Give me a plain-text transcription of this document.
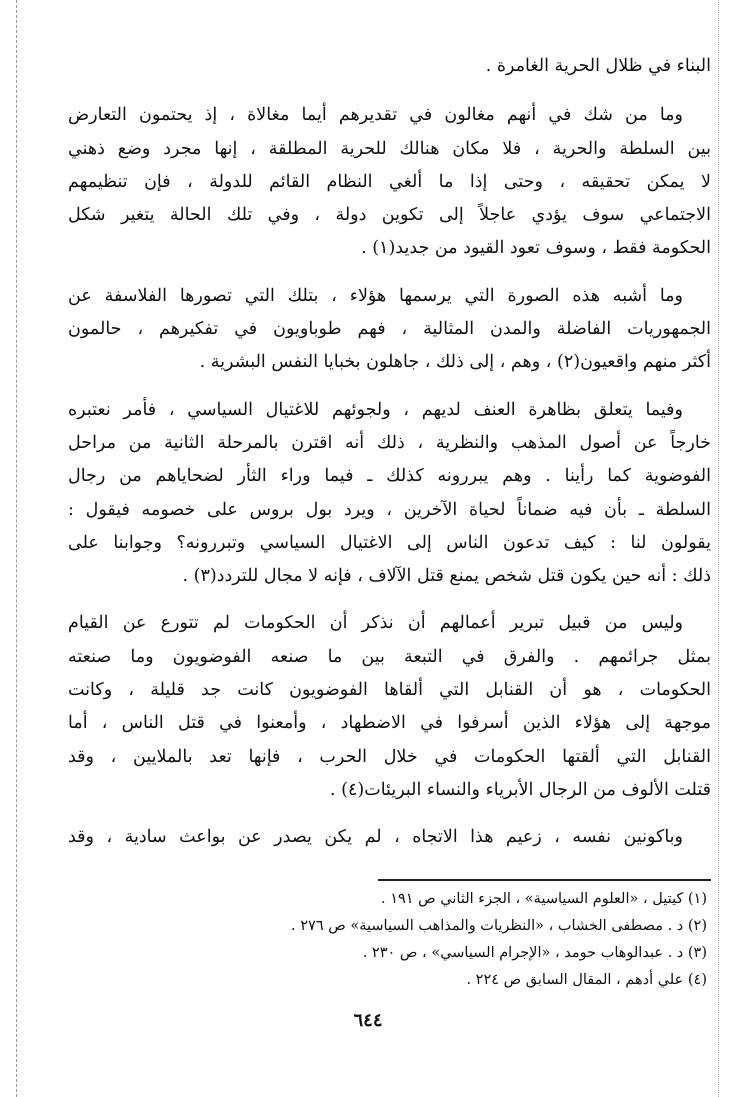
البناء في ظلال الحرية الغامرة .

وما من شك في أنهم مغالون في تقديرهم أيما مغالاة ، إذ يحتمون التعارض

بين السلطة والحرية ، فلا مكان هنالك للحرية المطلقة ، إنها مجرد وضع ذهني

لا يمكن تحقيقه ، وحتى إذا ما ألغي النظام القائم للدولة ، فإن تنظيمهم

الاجتماعي سوف يؤدي عاجلاً إلى تكوين دولة ، وفي تلك الحالة يتغير شكل

الحكومة فقط ، وسوف تعود القيود من جديد(١) .

وما أشبه هذه الصورة التي يرسمها هؤلاء ، بتلك التي تصورها الفلاسفة عن

الجمهوريات الفاضلة والمدن المثالية ، فهم طوباويون في تفكيرهم ، حالمون

أكثر منهم واقعيون(٢) ، وهم ، إلى ذلك ، جاهلون بخبايا النفس البشرية .

وفيما يتعلق بظاهرة العنف لديهم ، ولجوئهم للاغتيال السياسي ، فأمر نعتبره

خارجاً عن أصول المذهب والنظرية ، ذلك أنه اقترن بالمرحلة الثانية من مراحل

الفوضوية كما رأينا . وهم يبررونه كذلك ـ فيما وراء الثأر لضحاياهم من رجال

السلطة ـ بأن فيه ضماناً لحياة الآخرين ، ويرد بول بروس على خصومه فيقول :

يقولون لنا : كيف تدعون الناس إلى الاغتيال السياسي وتبررونه؟ وجوابنا على

ذلك : أنه حين يكون قتل شخص يمنع قتل الآلاف ، فإنه لا مجال للتردد(٣) .

وليس من قبيل تبرير أعمالهم أن نذكر أن الحكومات لم تتورع عن القيام

بمثل جرائمهم . والفرق في التبعة بين ما صنعه الفوضويون وما صنعته

الحكومات ، هو أن القنابل التي ألقاها الفوضويون كانت جد قليلة ، وكانت

موجهة إلى هؤلاء الذين أسرفوا في الاضطهاد ، وأمعنوا في قتل الناس ، أما

القنابل التي ألقتها الحكومات في خلال الحرب ، فإنها تعد بالملايين ، وقد

قتلت الألوف من الرجال الأبرياء والنساء البريئات(٤) .

وباكونين نفسه ، زعيم هذا الاتجاه ، لم يكن يصدر عن بواعث سادية ، وقد

(١) كيتيل ، «العلوم السياسية» ، الجزء الثاني ص ١٩١ .

(٢) د . مصطفى الخشاب ، «النظريات والمذاهب السياسية» ص ٢٧٦ .

(٣) د . عبدالوهاب حومد ، «الإجرام السياسي» ، ص ٢٣٠ .

(٤) علي أدهم ، المقال السابق ص ٢٢٤ .

٦٤٤
